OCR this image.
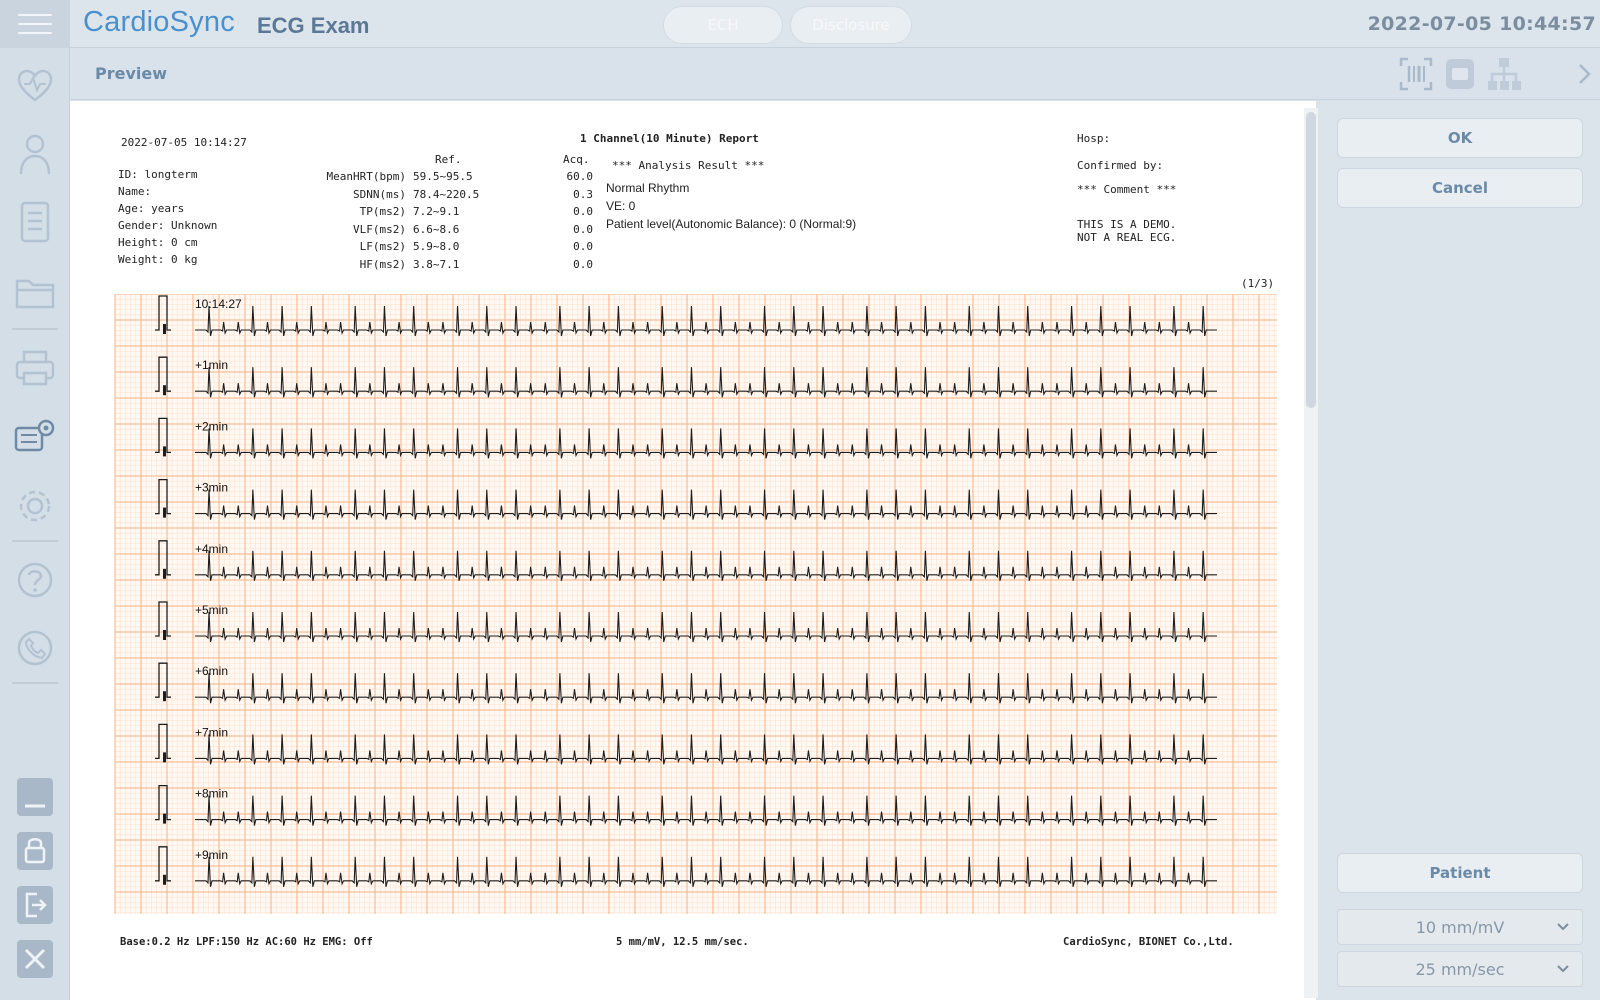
CardioSync ECG Exam	ECH	Disclosure	2022-07-05 10:44:57
Preview
2022-07-05 10:14:27	1 Channel(10 Minute) Report
ID: longterm
Name:
Age: years
Gender: Unknown
Height: 0 cm
Weight: 0 kg
Ref.	Acq.
MeanHRT(bpm) 59.5~95.5	60.0
SDNN(ms) 78.4~220.5	0.3
TP(ms2) 7.2~9.1	0.0
VLF(ms2) 6.6~8.6	0.0
LF(ms2) 5.9~8.0	0.0
HF(ms2) 3.8~7.1	0.0
*** Analysis Result ***
Normal Rhythm
VE: 0
Patient level(Autonomic Balance): 0 (Normal:9)
Hosp:
Confirmed by:
*** Comment ***
THIS IS A DEMO.
NOT A REAL ECG.
(1/3)
10:14:27
+1min
+2min
+3min
+4min
+5min
+6min
+7min
+8min
+9min
Base:0.2 Hz LPF:150 Hz AC:60 Hz EMG: Off	5 mm/mV, 12.5 mm/sec.	CardioSync, BIONET Co.,Ltd.
OK
Cancel
Patient
10 mm/mV
25 mm/sec
